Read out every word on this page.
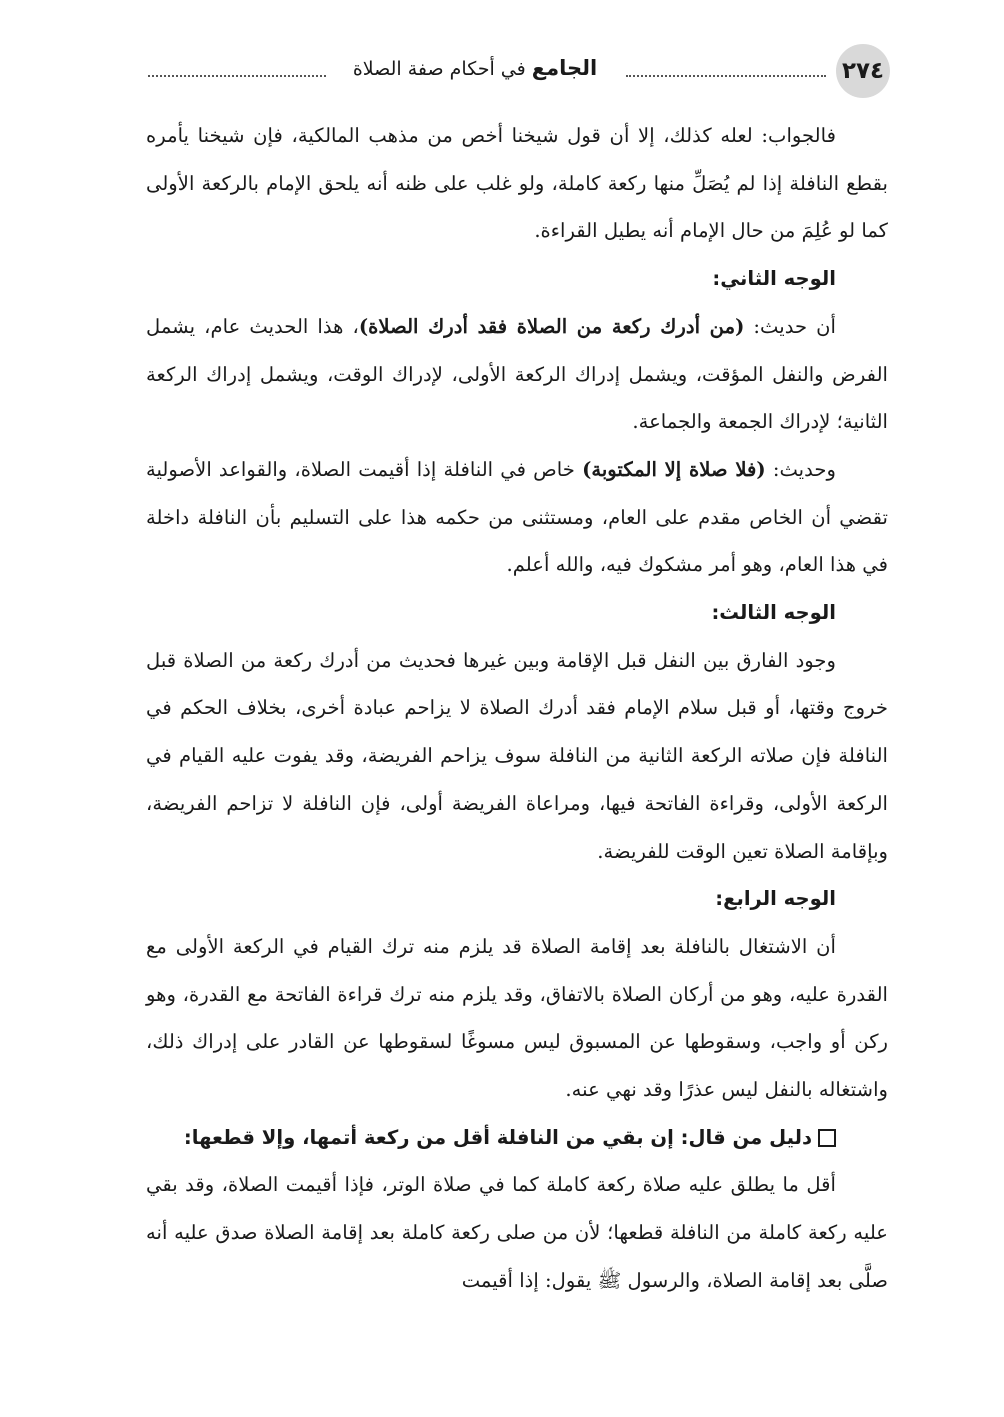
الجامع في أحكام صفة الصلاة	٢٧٤

فالجواب: لعله كذلك، إلا أن قول شيخنا أخص من مذهب المالكية، فإن شيخنا يأمره بقطع النافلة إذا لم يُصَلِّ منها ركعة كاملة، ولو غلب على ظنه أنه يلحق الإمام بالركعة الأولى كما لو عُلِمَ من حال الإمام أنه يطيل القراءة.

الوجه الثاني:

أن حديث: (من أدرك ركعة من الصلاة فقد أدرك الصلاة)، هذا الحديث عام، يشمل الفرض والنفل المؤقت، ويشمل إدراك الركعة الأولى، لإدراك الوقت، ويشمل إدراك الركعة الثانية؛ لإدراك الجمعة والجماعة.

وحديث: (فلا صلاة إلا المكتوبة) خاص في النافلة إذا أقيمت الصلاة، والقواعد الأصولية تقضي أن الخاص مقدم على العام، ومستثنى من حكمه هذا على التسليم بأن النافلة داخلة في هذا العام، وهو أمر مشكوك فيه، والله أعلم.

الوجه الثالث:

وجود الفارق بين النفل قبل الإقامة وبين غيرها فحديث من أدرك ركعة من الصلاة قبل خروج وقتها، أو قبل سلام الإمام فقد أدرك الصلاة لا يزاحم عبادة أخرى، بخلاف الحكم في النافلة فإن صلاته الركعة الثانية من النافلة سوف يزاحم الفريضة، وقد يفوت عليه القيام في الركعة الأولى، وقراءة الفاتحة فيها، ومراعاة الفريضة أولى، فإن النافلة لا تزاحم الفريضة، وبإقامة الصلاة تعين الوقت للفريضة.

الوجه الرابع:

أن الاشتغال بالنافلة بعد إقامة الصلاة قد يلزم منه ترك القيام في الركعة الأولى مع القدرة عليه، وهو من أركان الصلاة بالاتفاق، وقد يلزم منه ترك قراءة الفاتحة مع القدرة، وهو ركن أو واجب، وسقوطها عن المسبوق ليس مسوغًا لسقوطها عن القادر على إدراك ذلك، واشتغاله بالنفل ليس عذرًا وقد نهي عنه.

دليل من قال: إن بقي من النافلة أقل من ركعة أتمها، وإلا قطعها:

أقل ما يطلق عليه صلاة ركعة كاملة كما في صلاة الوتر، فإذا أقيمت الصلاة، وقد بقي عليه ركعة كاملة من النافلة قطعها؛ لأن من صلى ركعة كاملة بعد إقامة الصلاة صدق عليه أنه صلَّى بعد إقامة الصلاة، والرسول ﷺ يقول: إذا أقيمت
